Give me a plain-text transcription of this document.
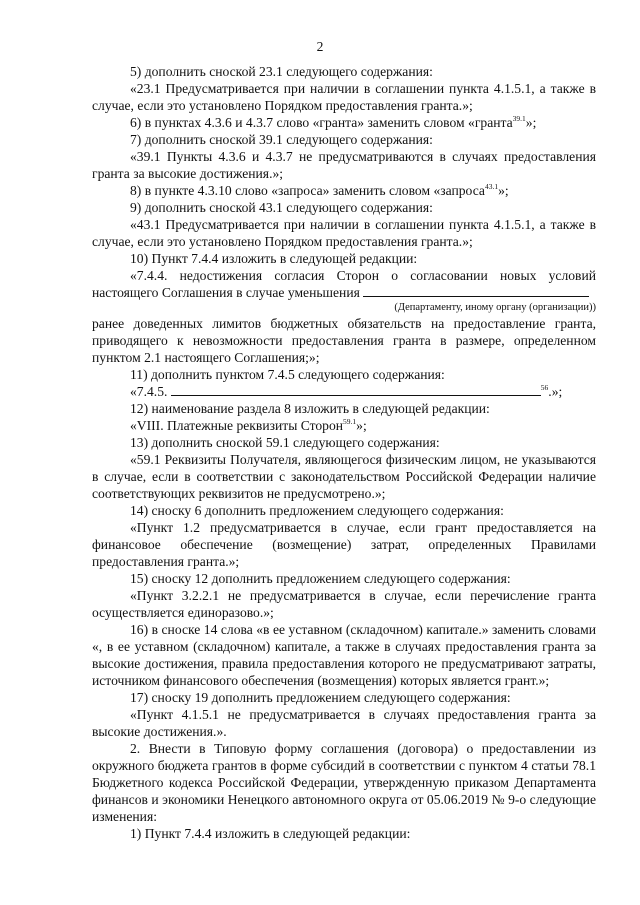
2

5) дополнить сноской 23.1 следующего содержания:

«23.1 Предусматривается при наличии в соглашении пункта 4.1.5.1, а также в случае, если это установлено Порядком предоставления гранта.»;

6) в пунктах 4.3.6 и 4.3.7 слово «гранта» заменить словом «гранта$^{39.1}$»;

7) дополнить сноской 39.1 следующего содержания:

«39.1 Пункты 4.3.6 и 4.3.7 не предусматриваются в случаях предоставления гранта за высокие достижения.»;

8) в пункте 4.3.10 слово «запроса» заменить словом «запроса$^{43.1}$»;

9) дополнить сноской 43.1 следующего содержания:

«43.1 Предусматривается при наличии в соглашении пункта 4.1.5.1, а также в случае, если это установлено Порядком предоставления гранта.»;

10) Пункт 7.4.4 изложить в следующей редакции:

«7.4.4. недостижения согласия Сторон о согласовании новых условий настоящего Соглашения в случае уменьшения

(Департаменту, иному органу (организации))

ранее доведенных лимитов бюджетных обязательств на предоставление гранта, приводящего к невозможности предоставления гранта в размере, определенном пунктом 2.1 настоящего Соглашения;»;

11) дополнить пунктом 7.4.5 следующего содержания:

«7.4.5.	$^{56}$.»;

12) наименование раздела 8 изложить в следующей редакции:

«VIII. Платежные реквизиты Сторон$^{59.1}$»;

13) дополнить сноской 59.1 следующего содержания:

«59.1 Реквизиты Получателя, являющегося физическим лицом, не указываются в случае, если в соответствии с законодательством Российской Федерации наличие соответствующих реквизитов не предусмотрено.»;

14) сноску 6 дополнить предложением следующего содержания:

«Пункт 1.2 предусматривается в случае, если грант предоставляется на финансовое обеспечение (возмещение) затрат, определенных Правилами предоставления гранта.»;

15) сноску 12 дополнить предложением следующего содержания:

«Пункт 3.2.2.1 не предусматривается в случае, если перечисление гранта осуществляется единоразово.»;

16) в сноске 14 слова «в ее уставном (складочном) капитале.» заменить словами «, в ее уставном (складочном) капитале, а также в случаях предоставления гранта за высокие достижения, правила предоставления которого не предусматривают затраты, источником финансового обеспечения (возмещения) которых является грант.»;

17) сноску 19 дополнить предложением следующего содержания:

«Пункт 4.1.5.1 не предусматривается в случаях предоставления гранта за высокие достижения.».

2. Внести в Типовую форму соглашения (договора) о предоставлении из окружного бюджета грантов в форме субсидий в соответствии с пунктом 4 статьи 78.1 Бюджетного кодекса Российской Федерации, утвержденную приказом Департамента финансов и экономики Ненецкого автономного округа от 05.06.2019 № 9-о следующие изменения:

1) Пункт 7.4.4 изложить в следующей редакции:
